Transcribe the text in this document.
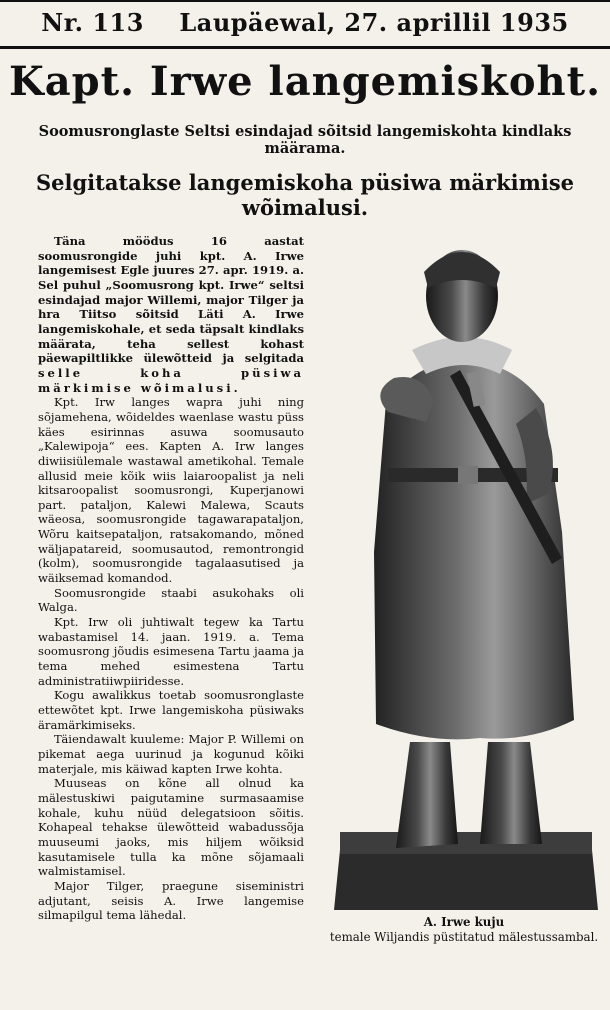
Nr. 113 Laupäewal, 27. aprillil 1935
Kapt. Irwe langemiskoht.
Soomusronglaste Seltsi esindajad sõitsid langemiskohta kindlaks määrama.
Selgitatakse langemiskoha püsiwa märkimise wõimalusi.

Täna möödus 16 aastat soomusrongide juhi kpt. A. Irwe langemisest Egle juures 27. apr. 1919. a. Sel puhul „Soomusrong kpt. Irwe“ seltsi esindajad major Willemi, major Tilger ja hra Tiitso sõitsid Läti A. Irwe langemiskohale, et seda täpsalt kindlaks määrata, teha sellest kohast päewapiltlikke ülewõtteid ja selgitada selle koha püsiwa märkimise wõimalusi.

Kpt. Irw langes wapra juhi ning sõjamehena, wõideldes waenlase wastu püss käes esirinnas asuwa soomusauto „Kalewipoja“ ees. Kapten A. Irw langes diwiisiülemale wastawal ametikohal. Temale allusid meie kõik wiis laiaroopalist ja neli kitsaroopalist soomusrongi, Kuperjanowi part. pataljon, Kalewi Malewa, Scauts wäeosa, soomusrongide tagawarapataljon, Wõru kaitsepataljon, ratsakomando, mõned wäljapatareid, soomusautod, remontrongid (kolm), soomusrongide tagalaasutised ja wäiksemad komandod.

Soomusrongide staabi asukohaks oli Walga.

Kpt. Irw oli juhtiwalt tegew ka Tartu wabastamisel 14. jaan. 1919. a. Tema soomusrong jõudis esimesena Tartu jaama ja tema mehed esimestena Tartu administratiiwpiiridesse.

Kogu awalikkus toetab soomusronglaste ettewõtet kpt. Irwe langemiskoha püsiwaks äramärkimiseks.

Täiendawalt kuuleme: Major P. Willemi on pikemat aega uurinud ja kogunud kõiki materjale, mis käiwad kapten Irwe kohta.

Muuseas on kõne all olnud ka mälestuskiwi paigutamine surmasaamise kohale, kuhu nüüd delegatsioon sõitis. Kohapeal tehakse ülewõtteid wabadussõja muuseumi jaoks, mis hiljem wõiksid kasutamisele tulla ka mõne sõjamaali walmistamisel.

Major Tilger, praegune siseministri adjutant, seisis A. Irwe langemise silmapilgul tema lähedal.	A. Irwe kuju
temale Wiljandis püstitatud mälestussambal.
